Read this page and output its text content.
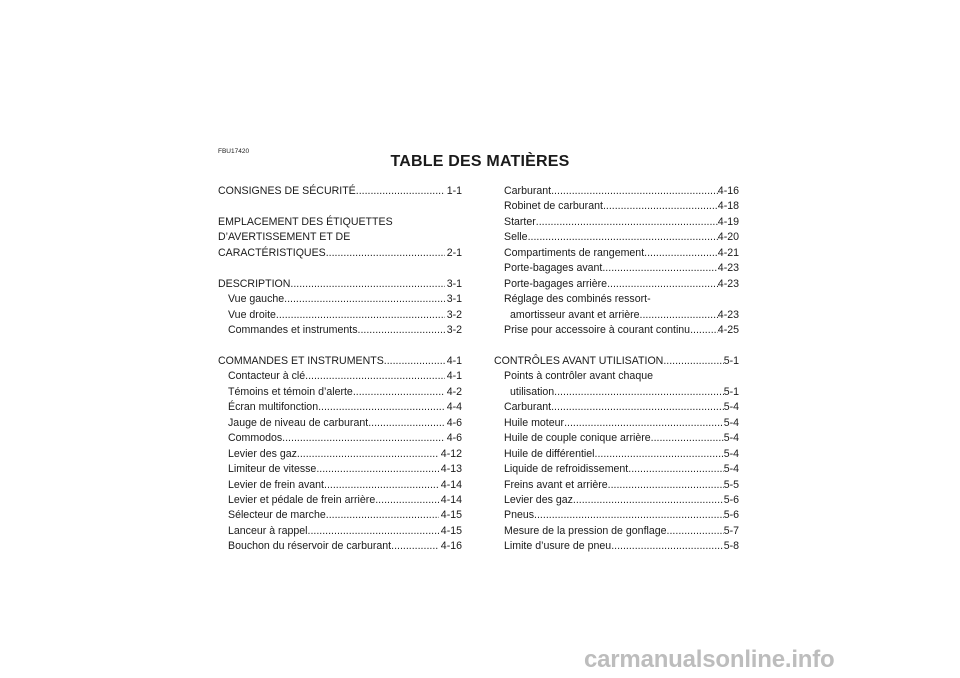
FBU17420
TABLE DES MATIÈRES
CONSIGNES DE SÉCURITÉ .....	1-1
EMPLACEMENT DES ÉTIQUETTES
D’AVERTISSEMENT ET DE
CARACTÉRISTIQUES .....	2-1
DESCRIPTION .....	3-1
Vue gauche .....	3-1
Vue droite .....	3-2
Commandes et instruments .....	3-2
COMMANDES ET INSTRUMENTS .....	4-1
Contacteur à clé .....	4-1
Témoins et témoin d’alerte .....	4-2
Écran multifonction .....	4-4
Jauge de niveau de carburant .....	4-6
Commodos .....	4-6
Levier des gaz .....	4-12
Limiteur de vitesse .....	4-13
Levier de frein avant .....	4-14
Levier et pédale de frein arrière .....	4-14
Sélecteur de marche .....	4-15
Lanceur à rappel .....	4-15
Bouchon du réservoir de carburant .....	4-16
Carburant .....	4-16
Robinet de carburant .....	4-18
Starter .....	4-19
Selle .....	4-20
Compartiments de rangement .....	4-21
Porte-bagages avant .....	4-23
Porte-bagages arrière .....	4-23
Réglage des combinés ressort-
amortisseur avant et arrière .....	4-23
Prise pour accessoire à courant continu .....	4-25
CONTRÔLES AVANT UTILISATION .....	5-1
Points à contrôler avant chaque
utilisation .....	5-1
Carburant .....	5-4
Huile moteur .....	5-4
Huile de couple conique arrière .....	5-4
Huile de différentiel .....	5-4
Liquide de refroidissement .....	5-4
Freins avant et arrière .....	5-5
Levier des gaz .....	5-6
Pneus .....	5-6
Mesure de la pression de gonflage .....	5-7
Limite d’usure de pneu .....	5-8
carmanualsonline.info
